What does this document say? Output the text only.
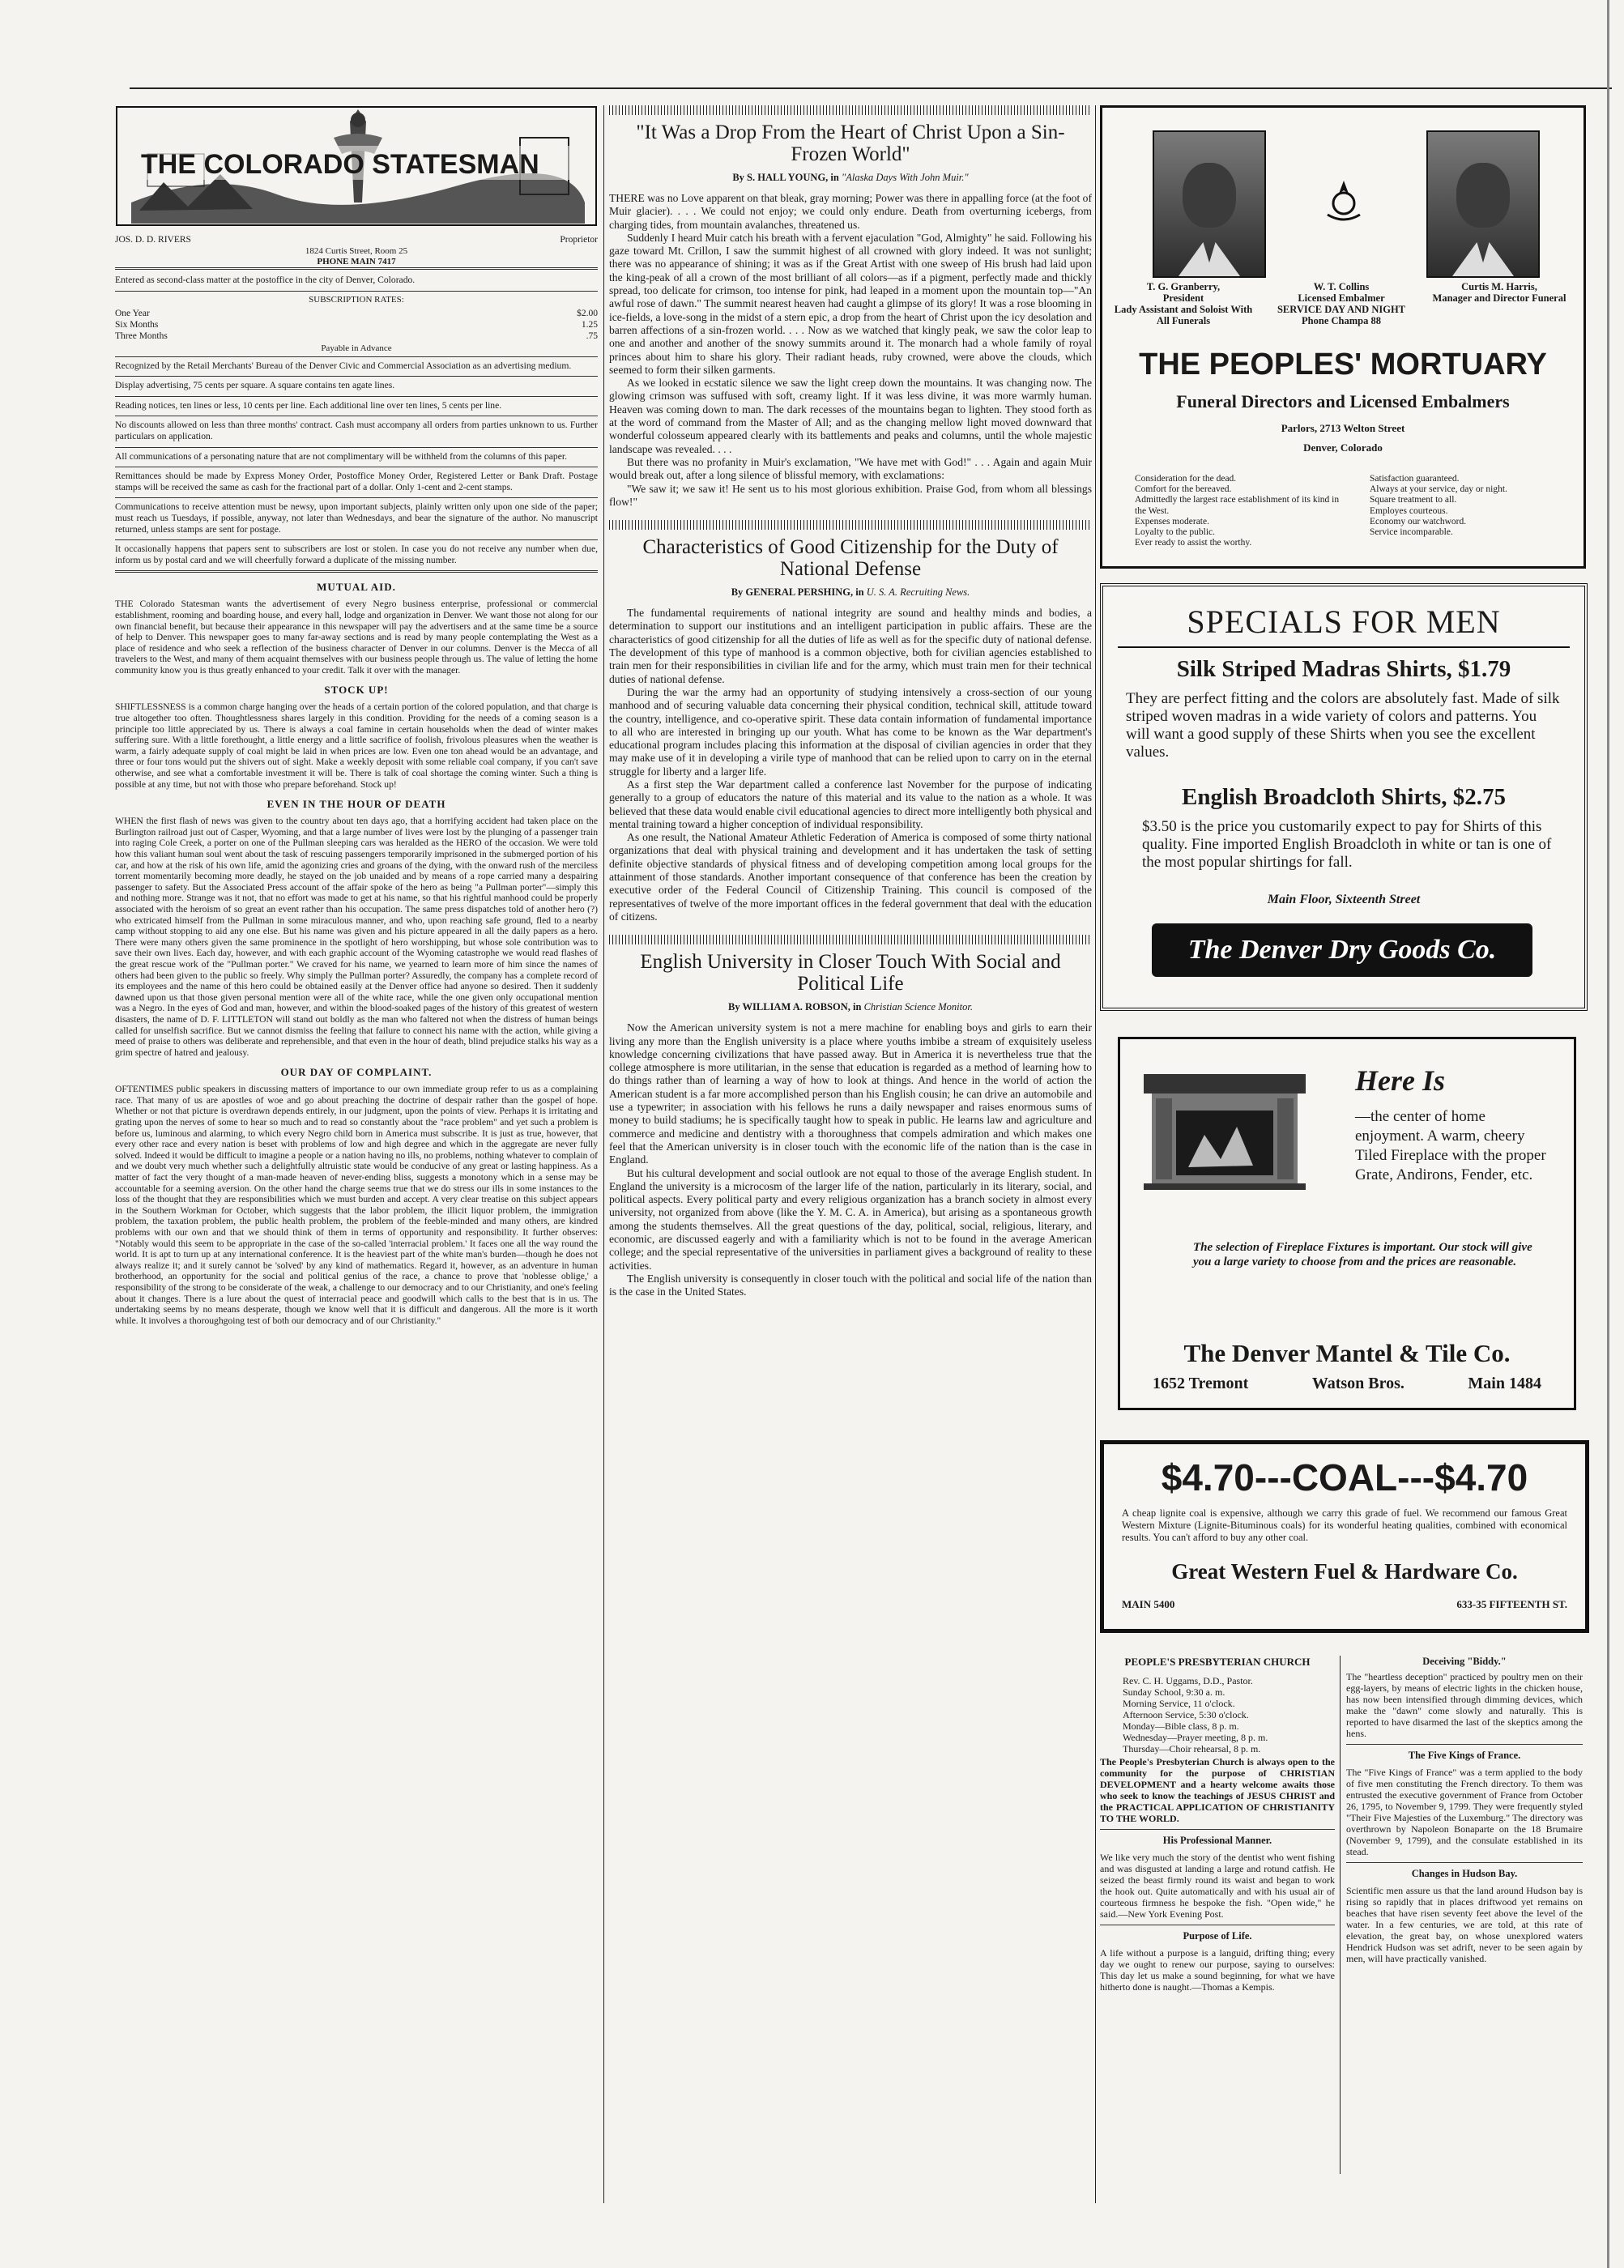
THE COLORADO STATESMAN
JOS. D. D. RIVERS	Proprietor
1824 Curtis Street, Room 25
PHONE MAIN 7417

Entered as second-class matter at the postoffice in the city of Denver, Colorado.

SUBSCRIPTION RATES:
One Year	$2.00
Six Months	1.25
Three Months	.75
Payable in Advance

Recognized by the Retail Merchants' Bureau of the Denver Civic and Commercial Association as an advertising medium.

Display advertising, 75 cents per square. A square contains ten agate lines.

Reading notices, ten lines or less, 10 cents per line. Each additional line over ten lines, 5 cents per line.

No discounts allowed on less than three months' contract. Cash must accompany all orders from parties unknown to us. Further particulars on application.

All communications of a personating nature that are not complimentary will be withheld from the columns of this paper.

Remittances should be made by Express Money Order, Postoffice Money Order, Registered Letter or Bank Draft. Postage stamps will be received the same as cash for the fractional part of a dollar. Only 1-cent and 2-cent stamps.

Communications to receive attention must be newsy, upon important subjects, plainly written only upon one side of the paper; must reach us Tuesdays, if possible, anyway, not later than Wednesdays, and bear the signature of the author. No manuscript returned, unless stamps are sent for postage.

It occasionally happens that papers sent to subscribers are lost or stolen. In case you do not receive any number when due, inform us by postal card and we will cheerfully forward a duplicate of the missing number.

MUTUAL AID.

THE Colorado Statesman wants the advertisement of every Negro business enterprise, professional or commercial establishment, rooming and boarding house, and every hall, lodge and organization in Denver. We want those not along for our own financial benefit, but because their appearance in this newspaper will pay the advertisers and at the same time be a source of help to Denver. This newspaper goes to many far-away sections and is read by many people contemplating the West as a place of residence and who seek a reflection of the business character of Denver in our columns. Denver is the Mecca of all travelers to the West, and many of them acquaint themselves with our business people through us. The value of letting the home community know you is thus greatly enhanced to your credit. Talk it over with the manager.

STOCK UP!

SHIFTLESSNESS is a common charge hanging over the heads of a certain portion of the colored population, and that charge is true altogether too often. Thoughtlessness shares largely in this condition. Providing for the needs of a coming season is a principle too little appreciated by us. There is always a coal famine in certain households when the dead of winter makes suffering sure. With a little forethought, a little energy and a little sacrifice of foolish, frivolous pleasures when the weather is warm, a fairly adequate supply of coal might be laid in when prices are low. Even one ton ahead would be an advantage, and three or four tons would put the shivers out of sight. Make a weekly deposit with some reliable coal company, if you can't save otherwise, and see what a comfortable investment it will be. There is talk of coal shortage the coming winter. Such a thing is possible at any time, but not with those who prepare beforehand. Stock up!

EVEN IN THE HOUR OF DEATH

WHEN the first flash of news was given to the country about ten days ago, that a horrifying accident had taken place on the Burlington railroad just out of Casper, Wyoming, and that a large number of lives were lost by the plunging of a passenger train into raging Cole Creek, a porter on one of the Pullman sleeping cars was heralded as the HERO of the occasion. We were told how this valiant human soul went about the task of rescuing passengers temporarily imprisoned in the submerged portion of his car, and how at the risk of his own life, amid the agonizing cries and groans of the dying, with the onward rush of the merciless torrent momentarily becoming more deadly, he stayed on the job unaided and by means of a rope carried many a despairing passenger to safety. But the Associated Press account of the affair spoke of the hero as being "a Pullman porter"—simply this and nothing more. Strange was it not, that no effort was made to get at his name, so that his rightful manhood could be properly associated with the heroism of so great an event rather than his occupation. The same press dispatches told of another hero (?) who extricated himself from the Pullman in some miraculous manner, and who, upon reaching safe ground, fled to a nearby camp without stopping to aid any one else. But his name was given and his picture appeared in all the daily papers as a hero. There were many others given the same prominence in the spotlight of hero worshipping, but whose sole contribution was to save their own lives. Each day, however, and with each graphic account of the Wyoming catastrophe we would read flashes of the great rescue work of the "Pullman porter." We craved for his name, we yearned to learn more of him since the names of others had been given to the public so freely. Why simply the Pullman porter? Assuredly, the company has a complete record of its employees and the name of this hero could be obtained easily at the Denver office had anyone so desired. Then it suddenly dawned upon us that those given personal mention were all of the white race, while the one given only occupational mention was a Negro. In the eyes of God and man, however, and within the blood-soaked pages of the history of this greatest of western disasters, the name of D. F. LITTLETON will stand out boldly as the man who faltered not when the distress of human beings called for unselfish sacrifice. But we cannot dismiss the feeling that failure to connect his name with the action, while giving a meed of praise to others was deliberate and reprehensible, and that even in the hour of death, blind prejudice stalks his way as a grim spectre of hatred and jealousy.

OUR DAY OF COMPLAINT.

OFTENTIMES public speakers in discussing matters of importance to our own immediate group refer to us as a complaining race. That many of us are apostles of woe and go about preaching the doctrine of despair rather than the gospel of hope. Whether or not that picture is overdrawn depends entirely, in our judgment, upon the points of view. Perhaps it is irritating and grating upon the nerves of some to hear so much and to read so constantly about the "race problem" and yet such a problem is before us, luminous and alarming, to which every Negro child born in America must subscribe. It is just as true, however, that every other race and every nation is beset with problems of low and high degree and which in the aggregate are never fully solved. Indeed it would be difficult to imagine a people or a nation having no ills, no problems, nothing whatever to complain of and we doubt very much whether such a delightfully altruistic state would be conducive of any great or lasting happiness. As a matter of fact the very thought of a man-made heaven of never-ending bliss, suggests a monotony which in a sense may be accountable for a seeming aversion. On the other hand the charge seems true that we do stress our ills in some instances to the loss of the thought that they are responsibilities which we must burden and accept. A very clear treatise on this subject appears in the Southern Workman for October, which suggests that the labor problem, the illicit liquor problem, the immigration problem, the taxation problem, the public health problem, the problem of the feeble-minded and many others, are kindred problems with our own and that we should think of them in terms of opportunity and responsibility. It further observes: "Notably would this seem to be appropriate in the case of the so-called 'interracial problem.' It faces one all the way round the world. It is apt to turn up at any international conference. It is the heaviest part of the white man's burden—though he does not always realize it; and it surely cannot be 'solved' by any kind of mathematics. Regard it, however, as an adventure in human brotherhood, an opportunity for the social and political genius of the race, a chance to prove that 'noblesse oblige,' a responsibility of the strong to be considerate of the weak, a challenge to our democracy and to our Christianity, and one's feeling about it changes. There is a lure about the quest of interracial peace and goodwill which calls to the best that is in us. The undertaking seems by no means desperate, though we know well that it is difficult and dangerous. All the more is it worth while. It involves a thoroughgoing test of both our democracy and of our Christianity."

"It Was a Drop From the Heart of Christ Upon a Sin-Frozen World"
By S. HALL YOUNG, in "Alaska Days With John Muir."

THERE was no Love apparent on that bleak, gray morning; Power was there in appalling force (at the foot of Muir glacier). . . . We could not enjoy; we could only endure. Death from overturning icebergs, from charging tides, from mountain avalanches, threatened us.

Suddenly I heard Muir catch his breath with a fervent ejaculation "God, Almighty" he said. Following his gaze toward Mt. Crillon, I saw the summit highest of all crowned with glory indeed. It was not sunlight; there was no appearance of shining; it was as if the Great Artist with one sweep of His brush had laid upon the king-peak of all a crown of the most brilliant of all colors—as if a pigment, perfectly made and thickly spread, too delicate for crimson, too intense for pink, had leaped in a moment upon the mountain top—"An awful rose of dawn." The summit nearest heaven had caught a glimpse of its glory! It was a rose blooming in ice-fields, a love-song in the midst of a stern epic, a drop from the heart of Christ upon the icy desolation and barren affections of a sin-frozen world. . . . Now as we watched that kingly peak, we saw the color leap to one and another and another of the snowy summits around it. The monarch had a whole family of royal princes about him to share his glory. Their radiant heads, ruby crowned, were above the clouds, which seemed to form their silken garments.

As we looked in ecstatic silence we saw the light creep down the mountains. It was changing now. The glowing crimson was suffused with soft, creamy light. If it was less divine, it was more warmly human. Heaven was coming down to man. The dark recesses of the mountains began to lighten. They stood forth as at the word of command from the Master of All; and as the changing mellow light moved downward that wonderful colosseum appeared clearly with its battlements and peaks and columns, until the whole majestic landscape was revealed. . . .

But there was no profanity in Muir's exclamation, "We have met with God!" . . . Again and again Muir would break out, after a long silence of blissful memory, with exclamations:

"We saw it; we saw it! He sent us to his most glorious exhibition. Praise God, from whom all blessings flow!"

Characteristics of Good Citizenship for the Duty of National Defense
By GENERAL PERSHING, in U. S. A. Recruiting News.

The fundamental requirements of national integrity are sound and healthy minds and bodies, a determination to support our institutions and an intelligent participation in public affairs. These are the characteristics of good citizenship for all the duties of life as well as for the specific duty of national defense. The development of this type of manhood is a common objective, both for civilian agencies established to train men for their responsibilities in civilian life and for the army, which must train men for their technical duties of national defense.

During the war the army had an opportunity of studying intensively a cross-section of our young manhood and of securing valuable data concerning their physical condition, technical skill, attitude toward the country, intelligence, and co-operative spirit. These data contain information of fundamental importance to all who are interested in bringing up our youth. What has come to be known as the War department's educational program includes placing this information at the disposal of civilian agencies in order that they may make use of it in developing a virile type of manhood that can be relied upon to carry on in the eternal struggle for liberty and a larger life.

As a first step the War department called a conference last November for the purpose of indicating generally to a group of educators the nature of this material and its value to the nation as a whole. It was believed that these data would enable civil educational agencies to direct more intelligently both physical and mental training toward a higher conception of individual responsibility.

As one result, the National Amateur Athletic Federation of America is composed of some thirty national organizations that deal with physical training and development and it has undertaken the task of setting definite objective standards of physical fitness and of developing competition among local groups for the attainment of those standards. Another important consequence of that conference has been the creation by executive order of the Federal Council of Citizenship Training. This council is composed of the representatives of twelve of the more important offices in the federal government that deal with the education of citizens.

English University in Closer Touch With Social and Political Life
By WILLIAM A. ROBSON, in Christian Science Monitor.

Now the American university system is not a mere machine for enabling boys and girls to earn their living any more than the English university is a place where youths imbibe a stream of exquisitely useless knowledge concerning civilizations that have passed away. But in America it is nevertheless true that the college atmosphere is more utilitarian, in the sense that education is regarded as a method of learning how to do things rather than of learning a way of how to look at things. And hence in the world of action the American student is a far more accomplished person than his English cousin; he can drive an automobile and use a typewriter; in association with his fellows he runs a daily newspaper and raises enormous sums of money to build stadiums; he is specifically taught how to speak in public. He learns law and agriculture and commerce and medicine and dentistry with a thoroughness that compels admiration and which makes one feel that the American university is in closer touch with the economic life of the nation than is the case in England.

But his cultural development and social outlook are not equal to those of the average English student. In England the university is a microcosm of the larger life of the nation, particularly in its literary, social, and political aspects. Every political party and every religious organization has a branch society in almost every university, not organized from above (like the Y. M. C. A. in America), but arising as a spontaneous growth among the students themselves. All the great questions of the day, political, social, religious, literary, and economic, are discussed eagerly and with a familiarity which is not to be found in the average American college; and the special representative of the universities in parliament gives a background of reality to these activities.

The English university is consequently in closer touch with the political and social life of the nation than is the case in the United States.

T. G. Granberry,
President
Lady Assistant and Soloist With All Funerals
W. T. Collins
Licensed Embalmer
SERVICE DAY AND NIGHT
Phone Champa 88
Curtis M. Harris,
Manager and Director Funeral
THE PEOPLES' MORTUARY
Funeral Directors and Licensed Embalmers
Parlors, 2713 Welton Street
Denver, Colorado
Consideration for the dead.
Comfort for the bereaved.
Admittedly the largest race establishment of its kind in the West.
Expenses moderate.
Loyalty to the public.
Ever ready to assist the worthy.
Satisfaction guaranteed.
Always at your service, day or night.
Square treatment to all.
Employes courteous.
Economy our watchword.
Service incomparable.
SPECIALS FOR MEN
Silk Striped Madras Shirts, $1.79
They are perfect fitting and the colors are absolutely fast. Made of silk striped woven madras in a wide variety of colors and patterns. You will want a good supply of these Shirts when you see the excellent values.
English Broadcloth Shirts, $2.75
$3.50 is the price you customarily expect to pay for Shirts of this quality. Fine imported English Broadcloth in white or tan is one of the most popular shirtings for fall.
Main Floor, Sixteenth Street
The Denver Dry Goods Co.
Here Is
—the center of home enjoyment. A warm, cheery Tiled Fireplace with the proper Grate, Andirons, Fender, etc.
The selection of Fireplace Fixtures is important. Our stock will give you a large variety to choose from and the prices are reasonable.
The Denver Mantel & Tile Co.
1652 Tremont	Watson Bros.	Main 1484
$4.70---COAL---$4.70
A cheap lignite coal is expensive, although we carry this grade of fuel. We recommend our famous Great Western Mixture (Lignite-Bituminous coals) for its wonderful heating qualities, combined with economical results. You can't afford to buy any other coal.
Great Western Fuel & Hardware Co.
MAIN 5400	633-35 FIFTEENTH ST.
PEOPLE'S PRESBYTERIAN CHURCH
Rev. C. H. Uggams, D.D., Pastor.
Sunday School, 9:30 a. m.
Morning Service, 11 o'clock.
Afternoon Service, 5:30 o'clock.
Monday—Bible class, 8 p. m.
Wednesday—Prayer meeting, 8 p. m.
Thursday—Choir rehearsal, 8 p. m.

The People's Presbyterian Church is always open to the community for the purpose of CHRISTIAN DEVELOPMENT and a hearty welcome awaits those who seek to know the teachings of JESUS CHRIST and the PRACTICAL APPLICATION OF CHRISTIANITY TO THE WORLD.

His Professional Manner.

We like very much the story of the dentist who went fishing and was disgusted at landing a large and rotund catfish. He seized the beast firmly round its waist and began to work the hook out. Quite automatically and with his usual air of courteous firmness he bespoke the fish. "Open wide," he said.—New York Evening Post.

Purpose of Life.

A life without a purpose is a languid, drifting thing; every day we ought to renew our purpose, saying to ourselves: This day let us make a sound beginning, for what we have hitherto done is naught.—Thomas a Kempis.

Deceiving "Biddy."

The "heartless deception" practiced by poultry men on their egg-layers, by means of electric lights in the chicken house, has now been intensified through dimming devices, which make the "dawn" come slowly and naturally. This is reported to have disarmed the last of the skeptics among the hens.

The Five Kings of France.

The "Five Kings of France" was a term applied to the body of five men constituting the French directory. To them was entrusted the executive government of France from October 26, 1795, to November 9, 1799. They were frequently styled "Their Five Majesties of the Luxemburg." The directory was overthrown by Napoleon Bonaparte on the 18 Brumaire (November 9, 1799), and the consulate established in its stead.

Changes in Hudson Bay.

Scientific men assure us that the land around Hudson bay is rising so rapidly that in places driftwood yet remains on beaches that have risen seventy feet above the level of the water. In a few centuries, we are told, at this rate of elevation, the great bay, on whose unexplored waters Hendrick Hudson was set adrift, never to be seen again by men, will have practically vanished.
